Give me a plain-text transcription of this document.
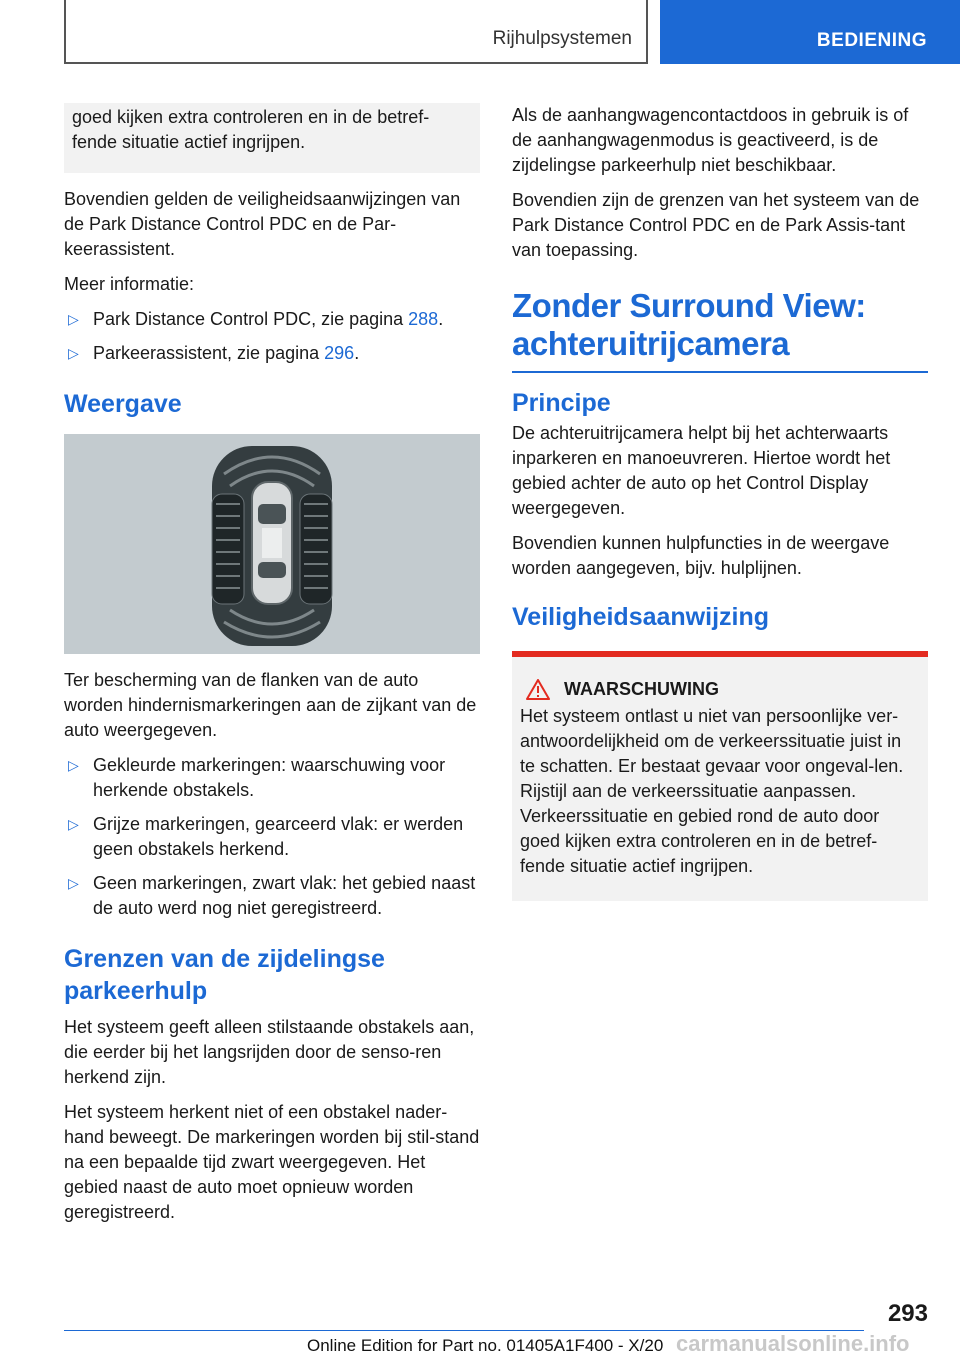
Rijhulpsystemen	BEDIENING

goed kijken extra controleren en in de betref-fende situatie actief ingrijpen.

Bovendien gelden de veiligheidsaanwijzingen van de Park Distance Control PDC en de Par-keerassistent.

Meer informatie:

▷ Park Distance Control PDC, zie pagina 288.
▷ Parkeerassistent, zie pagina 296.
Weergave

Ter bescherming van de flanken van de auto worden hindernismarkeringen aan de zijkant van de auto weergegeven.

▷ Gekleurde markeringen: waarschuwing voor herkende obstakels.
▷ Grijze markeringen, gearceerd vlak: er werden geen obstakels herkend.
▷ Geen markeringen, zwart vlak: het gebied naast de auto werd nog niet geregistreerd.
Grenzen van de zijdelingse parkeerhulp

Het systeem geeft alleen stilstaande obstakels aan, die eerder bij het langsrijden door de senso-ren herkend zijn.

Het systeem herkent niet of een obstakel nader-hand beweegt. De markeringen worden bij stil-stand na een bepaalde tijd zwart weergegeven. Het gebied naast de auto moet opnieuw worden geregistreerd.

Als de aanhangwagencontactdoos in gebruik is of de aanhangwagenmodus is geactiveerd, is de zijdelingse parkeerhulp niet beschikbaar.

Bovendien zijn de grenzen van het systeem van de Park Distance Control PDC en de Park Assis-tant van toepassing.

Zonder Surround View: achteruitrijcamera
Principe

De achteruitrijcamera helpt bij het achterwaarts inparkeren en manoeuvreren. Hiertoe wordt het gebied achter de auto op het Control Display weergegeven.

Bovendien kunnen hulpfuncties in de weergave worden aangegeven, bijv. hulplijnen.

Veiligheidsaanwijzing
WAARSCHUWING

Het systeem ontlast u niet van persoonlijke ver-antwoordelijkheid om de verkeerssituatie juist in te schatten. Er bestaat gevaar voor ongeval-len. Rijstijl aan de verkeerssituatie aanpassen. Verkeerssituatie en gebied rond de auto door goed kijken extra controleren en in de betref-fende situatie actief ingrijpen.

293
Online Edition for Part no. 01405A1F400 - X/20 carmanualsonline.info
